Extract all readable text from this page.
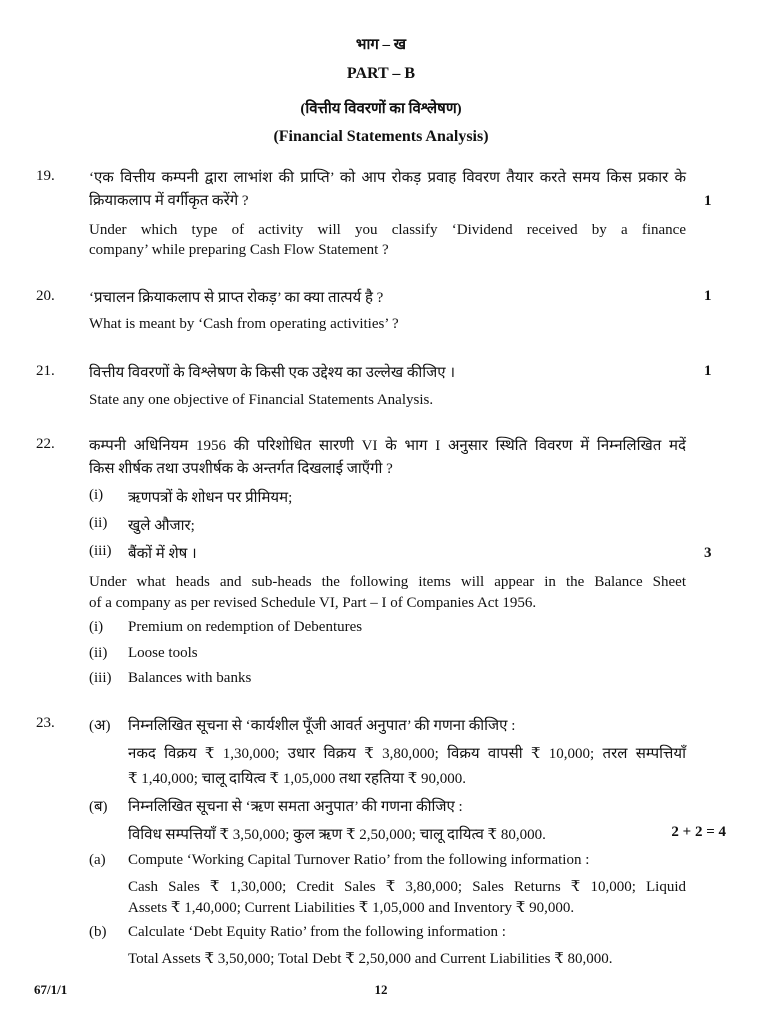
भाग – ख
PART – B
(वित्तीय विवरणों का विश्लेषण)
(Financial Statements Analysis)
19. ‘एक वित्तीय कम्पनी द्वारा लाभांश की प्राप्ति’ को आप रोकड़ प्रवाह विवरण तैयार करते समय किस प्रकार के
क्रियाकलाप में वर्गीकृत करेंगे ?	1
Under which type of activity will you classify ‘Dividend received by a finance
company’ while preparing Cash Flow Statement ?
20. ‘प्रचालन क्रियाकलाप से प्राप्त रोकड़’ का क्या तात्पर्य है ?	1
What is meant by ‘Cash from operating activities’ ?
21. वित्तीय विवरणों के विश्लेषण के किसी एक उद्देश्य का उल्लेख कीजिए ।	1
State any one objective of Financial Statements Analysis.
22. कम्पनी अधिनियम 1956 की परिशोधित सारणी VI के भाग I अनुसार स्थिति विवरण में निम्नलिखित मदें
किस शीर्षक तथा उपशीर्षक के अन्तर्गत दिखलाई जाएँगी ?
(i) ऋणपत्रों के शोधन पर प्रीमियम;
(ii) खुले औजार;
(iii) बैंकों में शेष ।	3
Under what heads and sub-heads the following items will appear in the Balance Sheet
of a company as per revised Schedule VI, Part – I of Companies Act 1956.
(i) Premium on redemption of Debentures
(ii) Loose tools
(iii) Balances with banks
23. (अ) निम्नलिखित सूचना से ‘कार्यशील पूँजी आवर्त अनुपात’ की गणना कीजिए :
नकद विक्रय ₹ 1,30,000; उधार विक्रय ₹ 3,80,000; विक्रय वापसी ₹ 10,000; तरल सम्पत्तियाँ
₹ 1,40,000; चालू दायित्व ₹ 1,05,000 तथा रहतिया ₹ 90,000.
(ब) निम्नलिखित सूचना से ‘ऋण समता अनुपात’ की गणना कीजिए :
विविध सम्पत्तियाँ ₹ 3,50,000; कुल ऋण ₹ 2,50,000; चालू दायित्व ₹ 80,000.	2 + 2 = 4
(a) Compute ‘Working Capital Turnover Ratio’ from the following information :
Cash Sales ₹ 1,30,000; Credit Sales ₹ 3,80,000; Sales Returns ₹ 10,000; Liquid
Assets ₹ 1,40,000; Current Liabilities ₹ 1,05,000 and Inventory ₹ 90,000.
(b) Calculate ‘Debt Equity Ratio’ from the following information :
Total Assets ₹ 3,50,000; Total Debt ₹ 2,50,000 and Current Liabilities ₹ 80,000.
67/1/1	12
